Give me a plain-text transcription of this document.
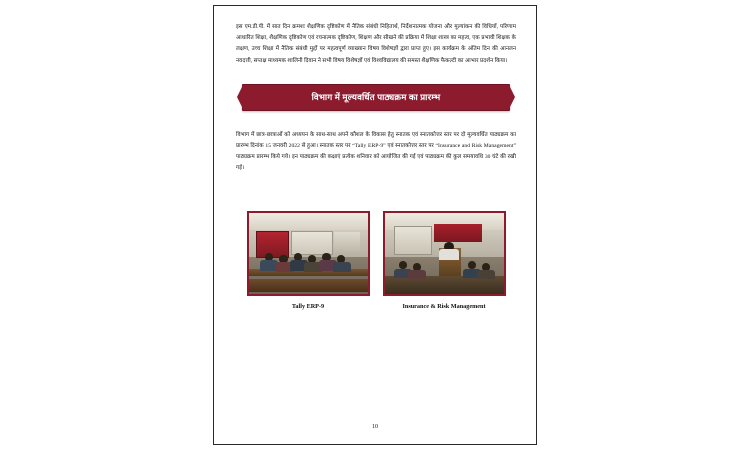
इस एम.डी.पी. में सात दिन क्रमशः शैक्षणिक दृष्टिकोण में नैतिक संबंधी निहितार्थ, निर्देशनात्मक योजना और मूल्यांकन की विधियाँ, परिणाम आधारित शिक्षा, शैक्षणिक दृष्टिकोण एवं रचनात्मक दृष्टिकोण, शिक्षण और सीखने की प्रक्रिया में शिक्षा शास्त्र का महत्व, एक प्रभावी शिक्षक के लक्षण, उच्च शिक्षा में नैतिक संबंधी मुद्दों पर महत्वपूर्ण व्याख्यान विषय विशेषज्ञों द्वारा प्राप्त हुए। इस कार्यक्रम के अंतिम दिन की आनलन नवदत्ती, सप्तक्ष माध्यमक शालिनी दिवान ने सभी विषय विशेषज्ञों एवं विश्वविद्यालय की समस्त शैक्षणिक फैकल्टी का आभार प्रदर्शन किया।

विभाग में मूल्यवर्धित पाठ्यक्रम का प्रारम्भ

विभाग में छात्र-छात्राओं को अध्ययन के साथ-साथ अपने कौशल के विकास हेतु स्नातक एवं स्नातकोत्तर स्तर पर दो मूल्यवर्धित पाठ्यक्रम का प्रारम्भ दिनांक 15 जनवरी 2022 से हुआ। स्नातक स्तर पर “Tally ERP-9” एवं स्नातकोत्तर स्तर पर “Insurance and Risk Management” पाठ्यक्रम प्रारम्भ किये गये। इन पाठ्यक्रम की कक्षाएं प्रत्येक शनिवार को आयोजित की गई एवं पाठ्यक्रम की कुल समयावधि 30 घंटे की रखी गई।

Tally ERP-9	Insurance & Risk Management
10
